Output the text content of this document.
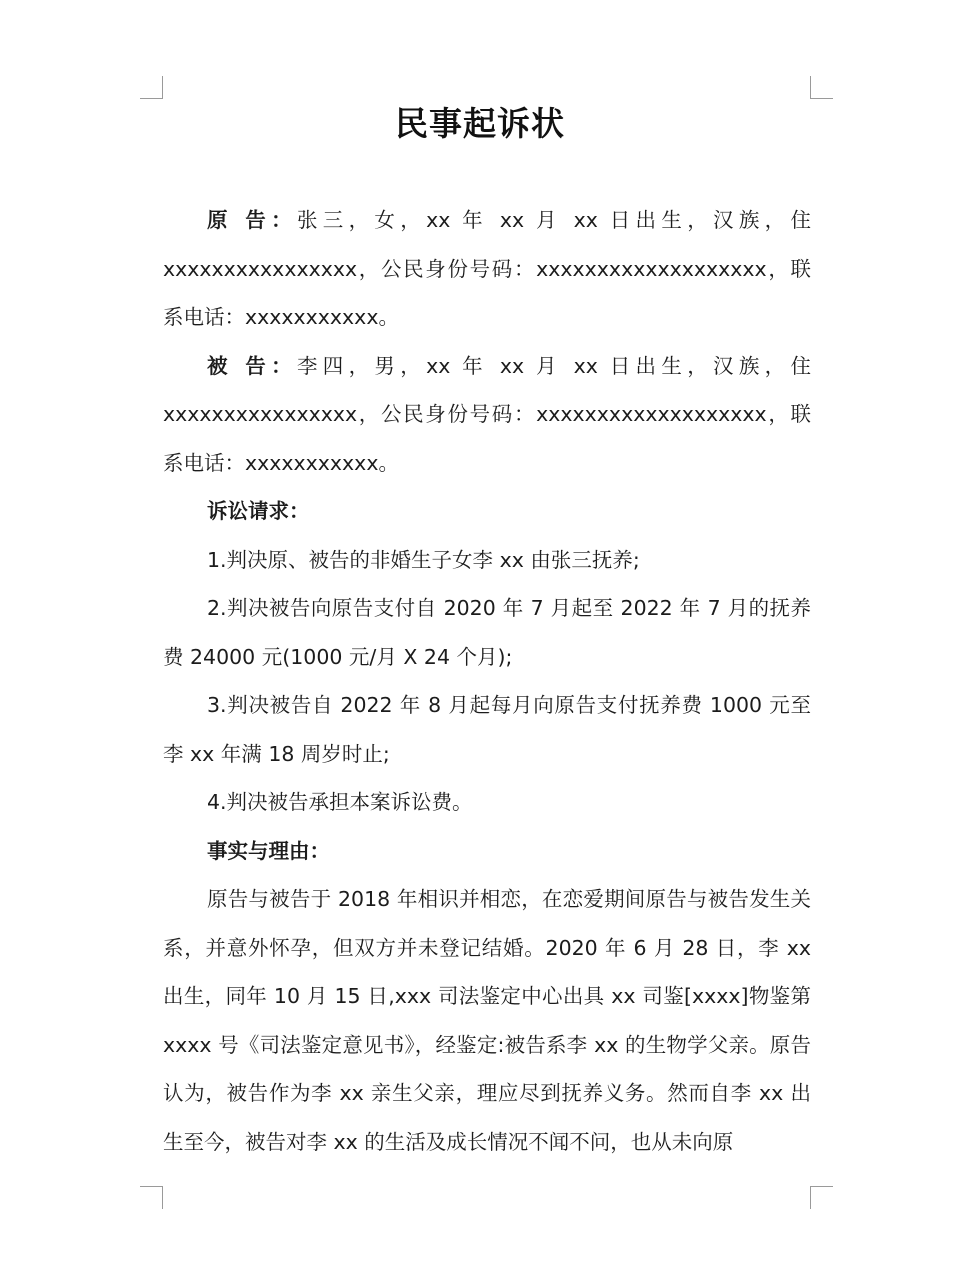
民事起诉状

原 告：张三，女，xx 年 xx 月 xx 日出生，汉族，住 xxxxxxxxxxxxxxxx，公民身份号码：xxxxxxxxxxxxxxxxxxx，联系电话：xxxxxxxxxxx。

被 告：李四，男，xx 年 xx 月 xx 日出生，汉族，住 xxxxxxxxxxxxxxxx，公民身份号码：xxxxxxxxxxxxxxxxxxx，联系电话：xxxxxxxxxxx。

诉讼请求：

1.判决原、被告的非婚生子女李 xx 由张三抚养;

2.判决被告向原告支付自 2020 年 7 月起至 2022 年 7 月的抚养费 24000 元(1000 元/月 X 24 个月);

3.判决被告自 2022 年 8 月起每月向原告支付抚养费 1000 元至李 xx 年满 18 周岁时止;

4.判决被告承担本案诉讼费。

事实与理由：

原告与被告于 2018 年相识并相恋，在恋爱期间原告与被告发生关系，并意外怀孕，但双方并未登记结婚。2020 年 6 月 28 日，李 xx 出生，同年 10 月 15 日,xxx 司法鉴定中心出具 xx 司鉴[xxxx]物鉴第 xxxx 号《司法鉴定意见书》，经鉴定:被告系李 xx 的生物学父亲。原告认为，被告作为李 xx 亲生父亲，理应尽到抚养义务。然而自李 xx 出生至今，被告对李 xx 的生活及成长情况不闻不问，也从未向原
